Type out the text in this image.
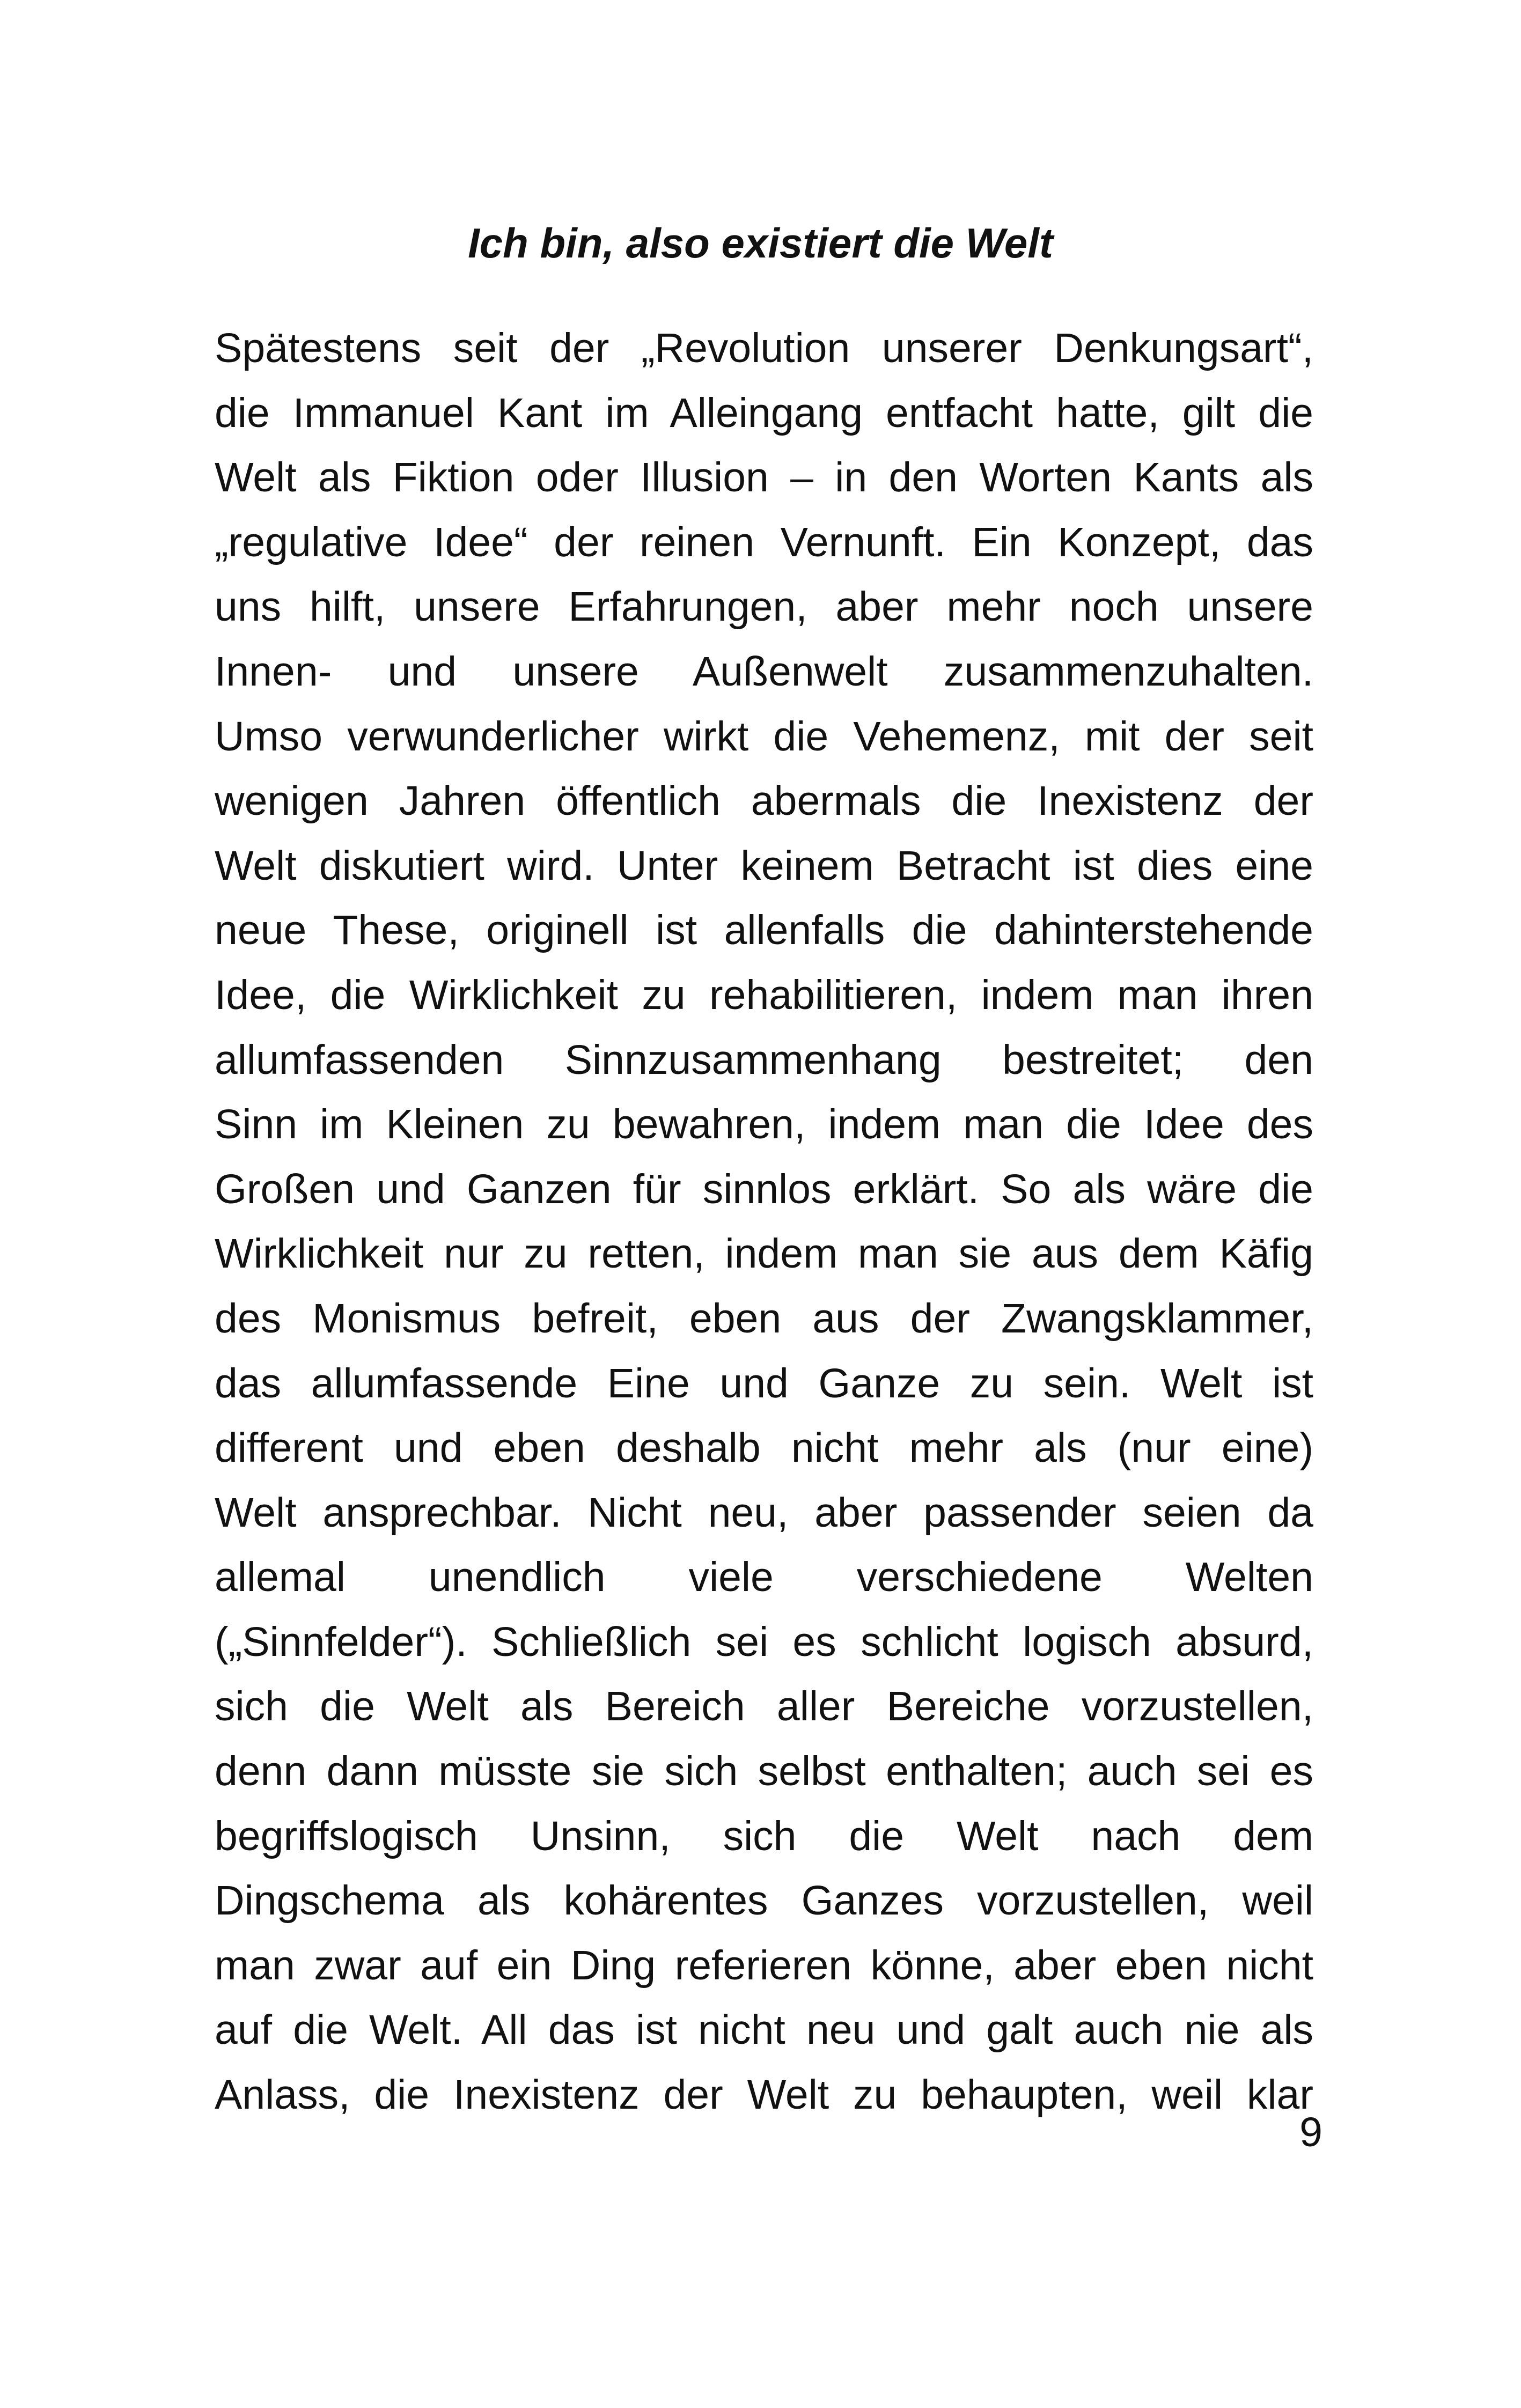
Ich bin, also existiert die Welt
Spätestens seit der „Revolution unserer Denkungsart“,
die Immanuel Kant im Alleingang entfacht hatte, gilt die
Welt als Fiktion oder Illusion – in den Worten Kants als
„regulative Idee“ der reinen Vernunft. Ein Konzept, das
uns hilft, unsere Erfahrungen, aber mehr noch unsere
Innen- und unsere Außenwelt zusammenzuhalten.
Umso verwunderlicher wirkt die Vehemenz, mit der seit
wenigen Jahren öffentlich abermals die Inexistenz der
Welt diskutiert wird. Unter keinem Betracht ist dies eine
neue These, originell ist allenfalls die dahinterstehende
Idee, die Wirklichkeit zu rehabilitieren, indem man ihren
allumfassenden Sinnzusammenhang bestreitet; den
Sinn im Kleinen zu bewahren, indem man die Idee des
Großen und Ganzen für sinnlos erklärt. So als wäre die
Wirklichkeit nur zu retten, indem man sie aus dem Käfig
des Monismus befreit, eben aus der Zwangsklammer,
das allumfassende Eine und Ganze zu sein. Welt ist
different und eben deshalb nicht mehr als (nur eine)
Welt ansprechbar. Nicht neu, aber passender seien da
allemal unendlich viele verschiedene Welten
(„Sinnfelder“). Schließlich sei es schlicht logisch absurd,
sich die Welt als Bereich aller Bereiche vorzustellen,
denn dann müsste sie sich selbst enthalten; auch sei es
begriffslogisch Unsinn, sich die Welt nach dem
Dingschema als kohärentes Ganzes vorzustellen, weil
man zwar auf ein Ding referieren könne, aber eben nicht
auf die Welt. All das ist nicht neu und galt auch nie als
Anlass, die Inexistenz der Welt zu behaupten, weil klar
9
